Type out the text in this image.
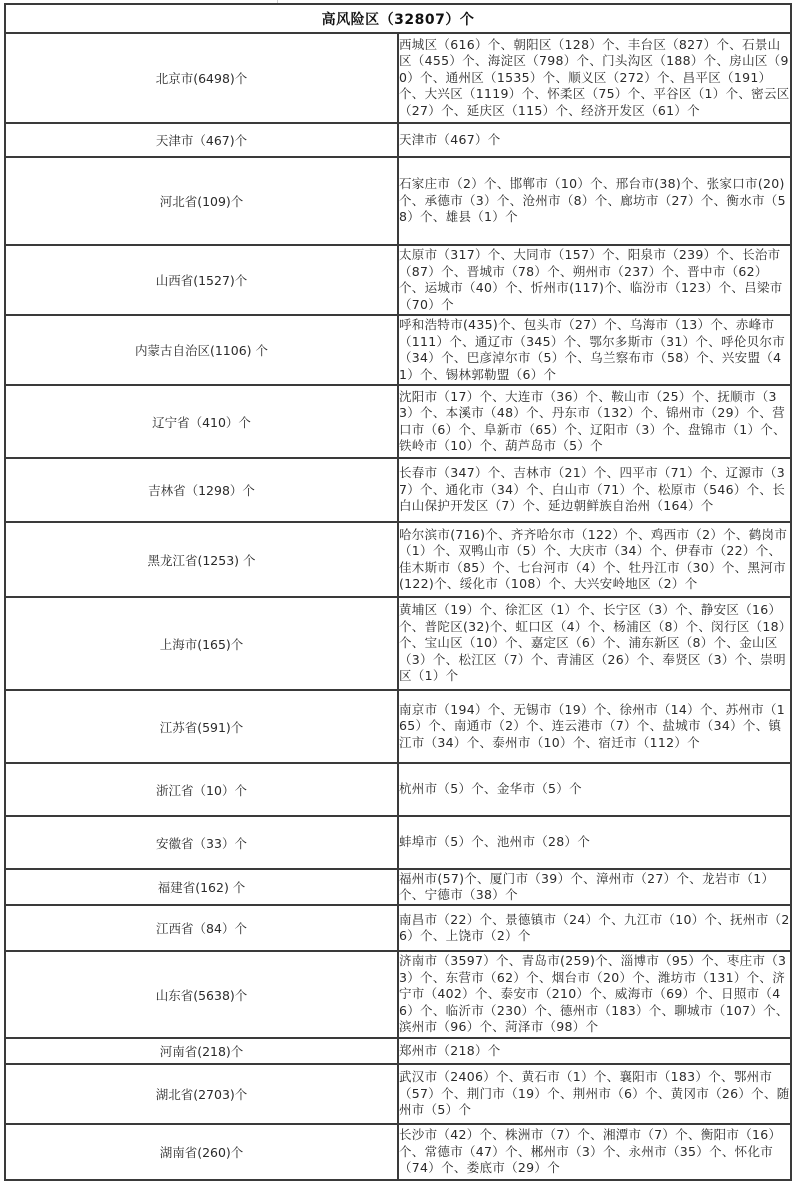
高风险区（32807）个	
北京市(6498)个	西城区（616）个、朝阳区（128）个、丰台区（827）个、石景山区（455）个、海淀区（798）个、门头沟区（188）个、房山区（90）个、通州区（1535）个、顺义区（272）个、昌平区（191）个、大兴区（1119）个、怀柔区（75）个、平谷区（1）个、密云区（27）个、延庆区（115）个、经济开发区（61）个
天津市（467)个	天津市（467）个
河北省(109)个	石家庄市（2）个、邯郸市（10）个、邢台市(38)个、张家口市(20)个、承德市（3）个、沧州市（8）个、廊坊市（27）个、衡水市（58）个、雄县（1）个
山西省(1527)个	太原市（317）个、大同市（157）个、阳泉市（239）个、长治市（87）个、晋城市（78）个、朔州市（237）个、晋中市（62）个、运城市（40）个、忻州市(117)个、临汾市（123）个、吕梁市（70）个
内蒙古自治区(1106) 个	呼和浩特市(435)个、包头市（27）个、乌海市（13）个、赤峰市（111）个、通辽市（345）个、鄂尔多斯市（31）个、呼伦贝尔市（34）个、巴彦淖尔市（5）个、乌兰察布市（58）个、兴安盟（41）个、锡林郭勒盟（6）个
辽宁省（410）个	沈阳市（17）个、大连市（36）个、鞍山市（25）个、抚顺市（33）个、本溪市（48）个、丹东市（132）个、锦州市（29）个、营口市（6）个、阜新市（65）个、辽阳市（3）个、盘锦市（1）个、铁岭市（10）个、葫芦岛市（5）个
吉林省（1298）个	长春市（347）个、吉林市（21）个、四平市（71）个、辽源市（37）个、通化市（34）个、白山市（71）个、松原市（546）个、长白山保护开发区（7）个、延边朝鲜族自治州（164）个
黑龙江省(1253) 个	哈尔滨市(716)个、齐齐哈尔市（122）个、鸡西市（2）个、鹤岗市（1）个、双鸭山市（5）个、大庆市（34）个、伊春市（22）个、佳木斯市（85）个、七台河市（4）个、牡丹江市（30）个、黑河市(122)个、绥化市（108）个、大兴安岭地区（2）个
上海市(165)个	黄埔区（19）个、徐汇区（1）个、长宁区（3）个、静安区（16）个、普陀区(32)个、虹口区（4）个、杨浦区（8）个、闵行区（18）个、宝山区（10）个、嘉定区（6）个、浦东新区（8）个、金山区（3）个、松江区（7）个、青浦区（26）个、奉贤区（3）个、崇明区（1）个
江苏省(591)个	南京市（194）个、无锡市（19）个、徐州市（14）个、苏州市（165）个、南通市（2）个、连云港市（7）个、盐城市（34）个、镇江市（34）个、泰州市（10）个、宿迁市（112）个
浙江省（10）个	杭州市（5）个、金华市（5）个
安徽省（33）个	蚌埠市（5）个、池州市（28）个
福建省(162) 个	福州市(57)个、厦门市（39）个、漳州市（27）个、龙岩市（1）个、宁德市（38）个
江西省（84）个	南昌市（22）个、景德镇市（24）个、九江市（10）个、抚州市（26）个、上饶市（2）个
山东省(5638)个	济南市（3597）个、青岛市(259)个、淄博市（95）个、枣庄市（33）个、东营市（62）个、烟台市（20）个、潍坊市（131）个、济宁市（402）个、泰安市（210）个、威海市（69）个、日照市（46）个、临沂市（230）个、德州市（183）个、聊城市（107）个、滨州市（96）个、菏泽市（98）个
河南省(218)个	郑州市（218）个
湖北省(2703)个	武汉市（2406）个、黄石市（1）个、襄阳市（183）个、鄂州市（57）个、荆门市（19）个、荆州市（6）个、黄冈市（26）个、随州市（5）个
湖南省(260)个	长沙市（42）个、株洲市（7）个、湘潭市（7）个、衡阳市（16）个、常德市（47）个、郴州市（3）个、永州市（35）个、怀化市（74）个、娄底市（29）个
